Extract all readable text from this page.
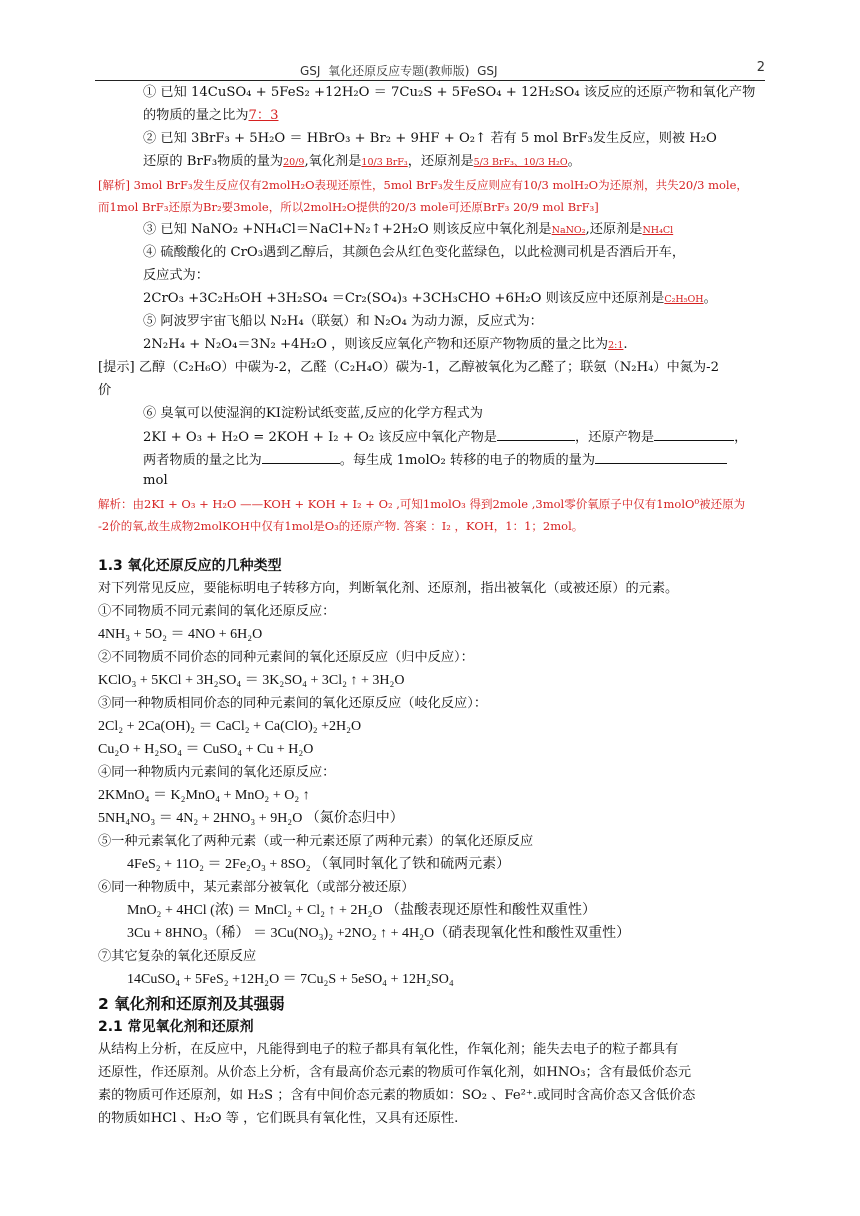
GSJ  氧化还原反应专题(教师版)  GSJ	2
① 已知 14CuSO₄ + 5FeS₂ +12H₂O ＝ 7Cu₂S + 5FeSO₄ + 12H₂SO₄ 该反应的还原产物和氧化产物
的物质的量之比为7：3
② 已知 3BrF₃ + 5H₂O ＝ HBrO₃ + Br₂ + 9HF + O₂↑ 若有 5 mol BrF₃发生反应，则被 H₂O
还原的 BrF₃物质的量为20/9,氧化剂是10/3 BrF₃，还原剂是5/3 BrF₃、10/3 H₂O。
[解析] 3mol BrF₃发生反应仅有2molH₂O表现还原性，5mol BrF₃发生反应则应有10/3 molH₂O为还原剂，共失20/3 mole，
而1mol BrF₃还原为Br₂要3mole，所以2molH₂O提供的20/3 mole可还原BrF₃ 20/9 mol BrF₃]
③ 已知 NaNO₂ +NH₄Cl＝NaCl+N₂↑+2H₂O 则该反应中氧化剂是NaNO₂,还原剂是NH₄Cl
④ 硫酸酸化的 CrO₃遇到乙醇后，其颜色会从红色变化蓝绿色，以此检测司机是否酒后开车，
反应式为：
2CrO₃ +3C₂H₅OH +3H₂SO₄ ＝Cr₂(SO₄)₃ +3CH₃CHO +6H₂O 则该反应中还原剂是C₂H₅OH。
⑤ 阿波罗宇宙飞船以 N₂H₄（联氨）和 N₂O₄ 为动力源，反应式为：
2N₂H₄ + N₂O₄＝3N₂ +4H₂O ，则该反应氧化产物和还原产物物质的量之比为2:1.
[提示] 乙醇（C₂H₆O）中碳为-2，乙醛（C₂H₄O）碳为-1，乙醇被氧化为乙醛了；联氨（N₂H₄）中氮为-2
价
⑥ 臭氧可以使湿润的KI淀粉试纸变蓝,反应的化学方程式为
2KI + O₃ + H₂O = 2KOH + I₂ + O₂ 该反应中氧化产物是	，还原产物是	，
两者物质的量之比为	。每生成 1molO₂ 转移的电子的物质的量为
mol
解析：由2KI + O₃ + H₂O ——KOH + KOH + I₂ + O₂ ,可知1molO₃ 得到2mole ,3mol零价氧原子中仅有1molO⁰被还原为
-2价的氧,故生成物2molKOH中仅有1mol是O₃的还原产物. 答案 ：I₂ ，KOH，1：1；2mol。
1.3 氧化还原反应的几种类型
对下列常见反应，要能标明电子转移方向，判断氧化剂、还原剂，指出被氧化（或被还原）的元素。
①不同物质不同元素间的氧化还原反应：
4NH₃ + 5O₂ ＝ 4NO + 6H₂O
②不同物质不同价态的同种元素间的氧化还原反应（归中反应）：
KClO₃ + 5KCl + 3H₂SO₄ ＝ 3K₂SO₄ + 3Cl₂ ↑ + 3H₂O
③同一种物质相同价态的同种元素间的氧化还原反应（岐化反应）：
2Cl₂ + 2Ca(OH)₂ ＝ CaCl₂ + Ca(ClO)₂ +2H₂O
Cu₂O + H₂SO₄ ＝ CuSO₄ + Cu + H₂O
④同一种物质内元素间的氧化还原反应：
2KMnO₄ ＝ K₂MnO₄ + MnO₂ + O₂ ↑
5NH₄NO₃ ＝ 4N₂ + 2HNO₃ + 9H₂O （氮价态归中）
⑤一种元素氧化了两种元素（或一种元素还原了两种元素）的氧化还原反应
4FeS₂ + 11O₂ ＝ 2Fe₂O₃ + 8SO₂ （氧同时氧化了铁和硫两元素）
⑥同一种物质中，某元素部分被氧化（或部分被还原）
MnO₂ + 4HCl (浓) ＝ MnCl₂ + Cl₂ ↑ + 2H₂O （盐酸表现还原性和酸性双重性）
3Cu + 8HNO₃（稀） ＝ 3Cu(NO₃)₂ +2NO₂ ↑ + 4H₂O（硝表现氧化性和酸性双重性）
⑦其它复杂的氧化还原反应
14CuSO₄ + 5FeS₂ +12H₂O ＝ 7Cu₂S + 5eSO₄ + 12H₂SO₄
2 氧化剂和还原剂及其强弱
2.1 常见氧化剂和还原剂
从结构上分析，在反应中，凡能得到电子的粒子都具有氧化性，作氧化剂；能失去电子的粒子都具有
还原性，作还原剂。从价态上分析，含有最高价态元素的物质可作氧化剂，如HNO₃；含有最低价态元
素的物质可作还原剂，如 H₂S ；含有中间价态元素的物质如：SO₂ 、Fe²⁺.或同时含高价态又含低价态
的物质如HCl 、H₂O 等 ，它们既具有氧化性，又具有还原性.
